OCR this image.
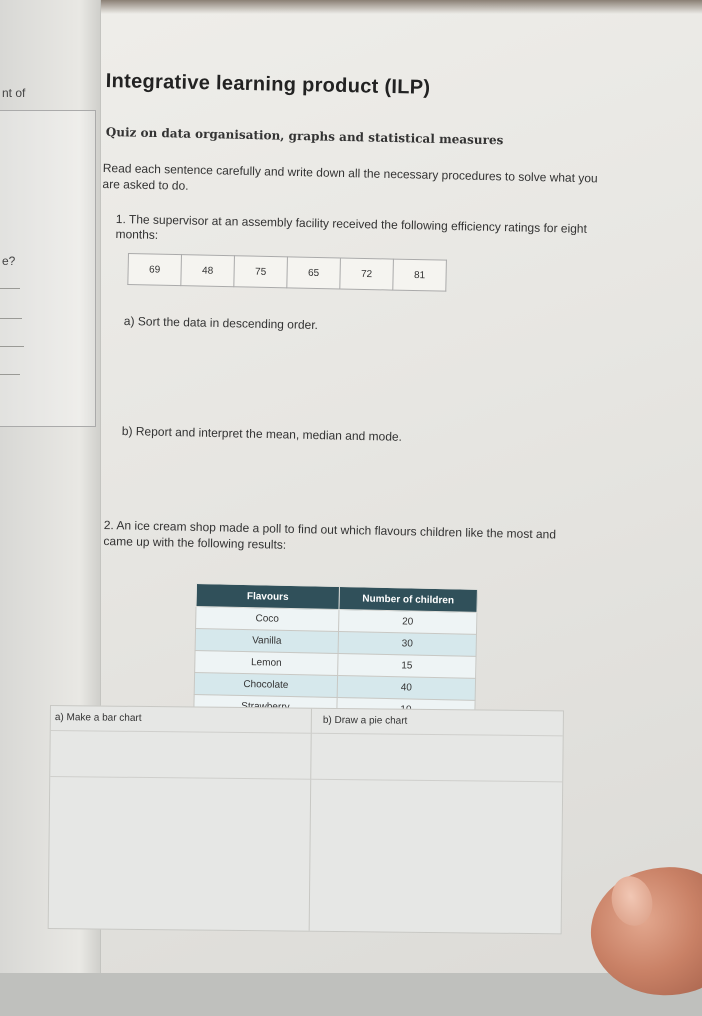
nt of
e?
Integrative learning product (ILP)
Quiz on data organisation, graphs and statistical measures
Read each sentence carefully and write down all the necessary procedures to solve what you are asked to do.
1. The supervisor at an assembly facility received the following efficiency ratings for eight months:
69	48	75	65	72	81
a) Sort the data in descending order.
b) Report and interpret the mean, median and mode.
2. An ice cream shop made a poll to find out which flavours children like the most and came up with the following results:
Flavours	Number of children
Coco	20
Vanilla	30
Lemon	15
Chocolate	40

a) Make a bar chart	b) Draw a pie chart
